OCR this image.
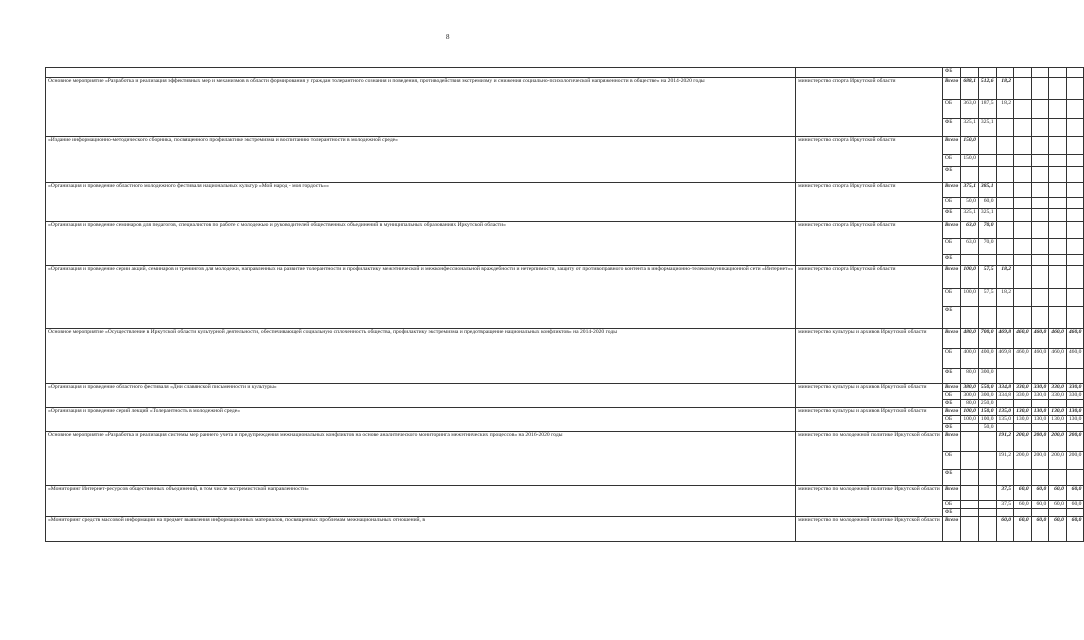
8
		ФБ							
Основное мероприятие «Разработка и реализация эффективных мер и механизмов в области формирования у граждан толерантного сознания и поведения, противодействия экстремизму и снижения социально-психологической напряженности в обществе» на 2014-2020 годы	министерство спорта Иркутской области	Всего	688,1	512,6	18,2				
		ОБ	363,0	187,5	18,2				
		ФБ	325,1	325,1					
«Издание информационно-методического сборника, посвященного профилактике экстремизма и воспитанию толерантности в молодежной среде»	министерство спорта Иркутской области	Всего	150,0						
		ОБ	150,0						
		ФБ							
«Организация и проведение областного молодежного фестиваля национальных культур «Мой народ - моя гордость»»	министерство спорта Иркутской области	Всего	375,1	385,1					
		ОБ	50,0	60,0					
		ФБ	325,1	325,1					
«Организация и проведение семинаров для педагогов, специалистов по работе с молодежью и руководителей общественных объединений в муниципальных образованиях Иркутской области»	министерство спорта Иркутской области	Всего	63,0	70,0					
		ОБ	63,0	70,0					
		ФБ							
«Организация и проведение серии акций, семинаров и тренингов для молодежи, направленных на развитие толерантности и профилактику межэтнической и межконфессиональной враждебности и нетерпимости, защиту от противоправного контента в информационно-телекоммуникационной сети «Интернет»»	министерство спорта Иркутской области	Всего	100,0	57,5	18,2				
		ОБ	100,0	57,5	18,2				
		ФБ							
Основное мероприятие «Осуществление в Иркутской области культурной деятельности, обеспечивающей социальную сплоченность общества, профилактику экстремизма и предотвращение национальных конфликтов» на 2014-2020 годы	министерство культуры и архивов Иркутской области	Всего	480,0	700,0	469,8	460,0	460,0	460,0	460,0
		ОБ	400,0	400,0	469,8	460,0	460,0	460,0	460,0
		ФБ	80,0	300,0					
«Организация и проведение областного фестиваля «Дни славянской письменности и культуры»	министерство культуры и архивов Иркутской области	Всего	380,0	550,0	334,8	330,0	330,0	330,0	330,0
		ОБ	300,0	300,0	334,8	330,0	330,0	330,0	330,0
		ФБ	80,0	250,0					
«Организация и проведение серий лекций «Толерантность в молодежной среде»	министерство культуры и архивов Иркутской области	Всего	100,0	150,0	135,0	130,0	130,0	130,0	130,0
		ОБ	100,0	100,0	135,0	130,0	130,0	130,0	130,0
		ФБ		50,0					
Основное мероприятие «Разработка и реализация системы мер раннего учета и предупреждения межнациональных конфликтов на основе аналитического мониторинга межэтнических процессов» на 2016-2020 годы	министерство по молодежной политике Иркутской области	Всего			191,2	200,0	200,0	200,0	200,0
		ОБ			191,2	200,0	200,0	200,0	200,0
		ФБ							
«Мониторинг Интернет-ресурсов общественных объединений, в том числе экстремистской направленности»	министерство по молодежной политике Иркутской области	Всего			37,5	60,0	60,0	60,0	60,0
		ОБ			37,5	60,0	60,0	60,0	60,0
		ФБ							
«Мониторинг средств массовой информации на предмет выявления информационных материалов, посвященных проблемам межнациональных отношений, в	министерство по молодежной политике Иркутской области	Всего			60,0	60,0	60,0	60,0	60,0
